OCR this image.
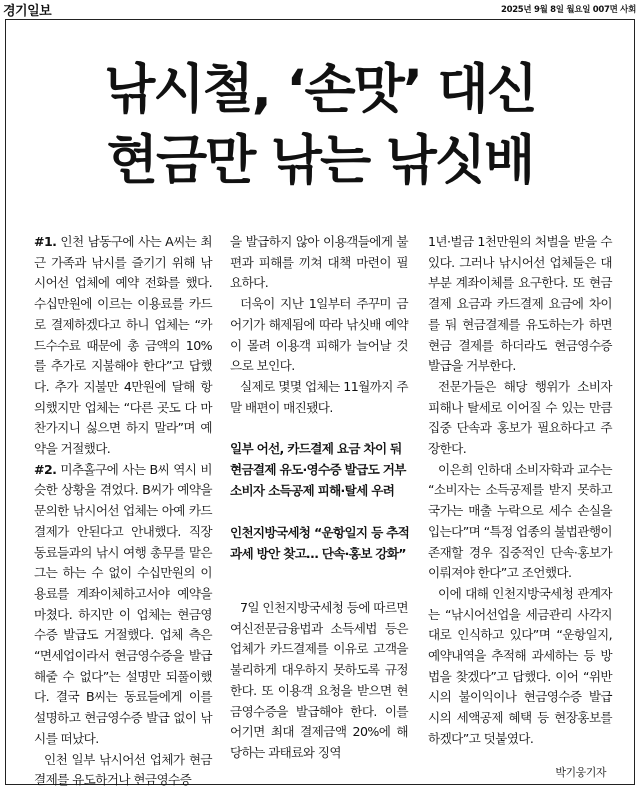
경기일보	2025년 9월 8일 월요일 007면 사회
낚시철, ‘손맛’ 대신
현금만 낚는 낚싯배

#1. 인천 남동구에 사는 A씨는 최근 가족과 낚시를 즐기기 위해 낚시어선 업체에 예약 전화를 했다. 수십만원에 이르는 이용료를 카드로 결제하겠다고 하니 업체는 “카드수수료 때문에 총 금액의 10%를 추가로 지불해야 한다”고 답했다. 추가 지불만 4만원에 달해 항의했지만 업체는 “다른 곳도 다 마찬가지니 싫으면 하지 말라”며 예약을 거절했다.

#2. 미추홀구에 사는 B씨 역시 비슷한 상황을 겪었다. B씨가 예약을 문의한 낚시어선 업체는 아예 카드결제가 안된다고 안내했다. 직장 동료들과의 낚시 여행 총무를 맡은 그는 하는 수 없이 수십만원의 이용료를 계좌이체하고서야 예약을 마쳤다. 하지만 이 업체는 현금영수증 발급도 거절했다. 업체 측은 “면세업이라서 현금영수증을 발급해줄 수 없다”는 설명만 되풀이했다. 결국 B씨는 동료들에게 이를 설명하고 현금영수증 발급 없이 낚시를 떠났다.

인천 일부 낚시어선 업체가 현금결제를 유도하거나 현금영수증

을 발급하지 않아 이용객들에게 불편과 피해를 끼쳐 대책 마련이 필요하다.

더욱이 지난 1일부터 주꾸미 금어기가 해제됨에 따라 낚싯배 예약이 몰려 이용객 피해가 늘어날 것으로 보인다.

실제로 몇몇 업체는 11월까지 주말 배편이 매진됐다.

일부 어선, 카드결제 요금 차이 둬 현금결제 유도·영수증 발급도 거부 소비자 소득공제 피해·탈세 우려

인천지방국세청 “운항일지 등 추적 과세 방안 찾고… 단속·홍보 강화”

7일 인천지방국세청 등에 따르면 여신전문금융법과 소득세법 등은 업체가 카드결제를 이유로 고객을 불리하게 대우하지 못하도록 규정한다. 또 이용객 요청을 받으면 현금영수증을 발급해야 한다. 이를 어기면 최대 결제금액 20%에 해당하는 과태료와 징역

1년·벌금 1천만원의 처벌을 받을 수 있다. 그러나 낚시어선 업체들은 대부분 계좌이체를 요구한다. 또 현금결제 요금과 카드결제 요금에 차이를 둬 현금결제를 유도하는가 하면 현금 결제를 하더라도 현금영수증 발급을 거부한다.

전문가들은 해당 행위가 소비자 피해나 탈세로 이어질 수 있는 만큼 집중 단속과 홍보가 필요하다고 주장한다.

이은희 인하대 소비자학과 교수는 “소비자는 소득공제를 받지 못하고 국가는 매출 누락으로 세수 손실을 입는다”며 “특정 업종의 불법관행이 존재할 경우 집중적인 단속·홍보가 이뤄져야 한다”고 조언했다.

이에 대해 인천지방국세청 관계자는 “낚시어선업을 세금관리 사각지대로 인식하고 있다”며 “운항일지, 예약내역을 추적해 과세하는 등 방법을 찾겠다”고 답했다. 이어 “위반 시의 불이익이나 현금영수증 발급 시의 세액공제 혜택 등 현장홍보를 하겠다”고 덧붙였다.

박기웅기자
